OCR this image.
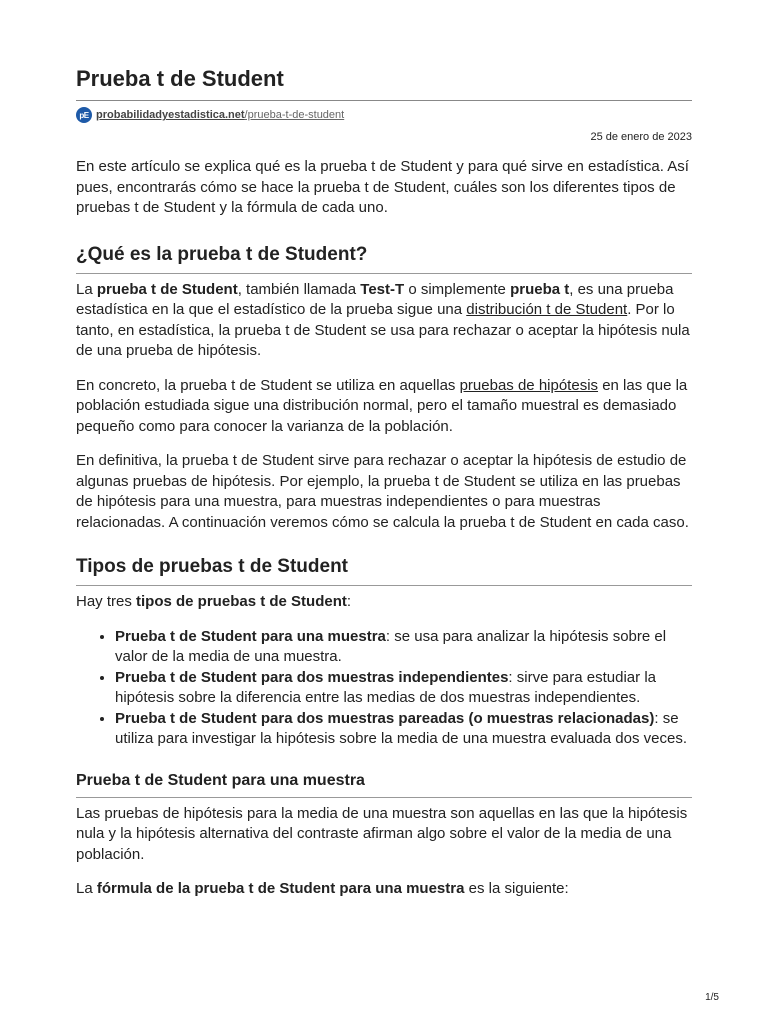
Prueba t de Student
pE probabilidadyestadistica.net/prueba-t-de-student
25 de enero de 2023

En este artículo se explica qué es la prueba t de Student y para qué sirve en estadística. Así pues, encontrarás cómo se hace la prueba t de Student, cuáles son los diferentes tipos de pruebas t de Student y la fórmula de cada uno.

¿Qué es la prueba t de Student?

La prueba t de Student, también llamada Test-T o simplemente prueba t, es una prueba estadística en la que el estadístico de la prueba sigue una distribución t de Student. Por lo tanto, en estadística, la prueba t de Student se usa para rechazar o aceptar la hipótesis nula de una prueba de hipótesis.

En concreto, la prueba t de Student se utiliza en aquellas pruebas de hipótesis en las que la población estudiada sigue una distribución normal, pero el tamaño muestral es demasiado pequeño como para conocer la varianza de la población.

En definitiva, la prueba t de Student sirve para rechazar o aceptar la hipótesis de estudio de algunas pruebas de hipótesis. Por ejemplo, la prueba t de Student se utiliza en las pruebas de hipótesis para una muestra, para muestras independientes o para muestras relacionadas. A continuación veremos cómo se calcula la prueba t de Student en cada caso.

Tipos de pruebas t de Student

Hay tres tipos de pruebas t de Student:

• Prueba t de Student para una muestra: se usa para analizar la hipótesis sobre el valor de la media de una muestra.
• Prueba t de Student para dos muestras independientes: sirve para estudiar la hipótesis sobre la diferencia entre las medias de dos muestras independientes.
• Prueba t de Student para dos muestras pareadas (o muestras relacionadas): se utiliza para investigar la hipótesis sobre la media de una muestra evaluada dos veces.
Prueba t de Student para una muestra

Las pruebas de hipótesis para la media de una muestra son aquellas en las que la hipótesis nula y la hipótesis alternativa del contraste afirman algo sobre el valor de la media de una población.

La fórmula de la prueba t de Student para una muestra es la siguiente:

1/5
